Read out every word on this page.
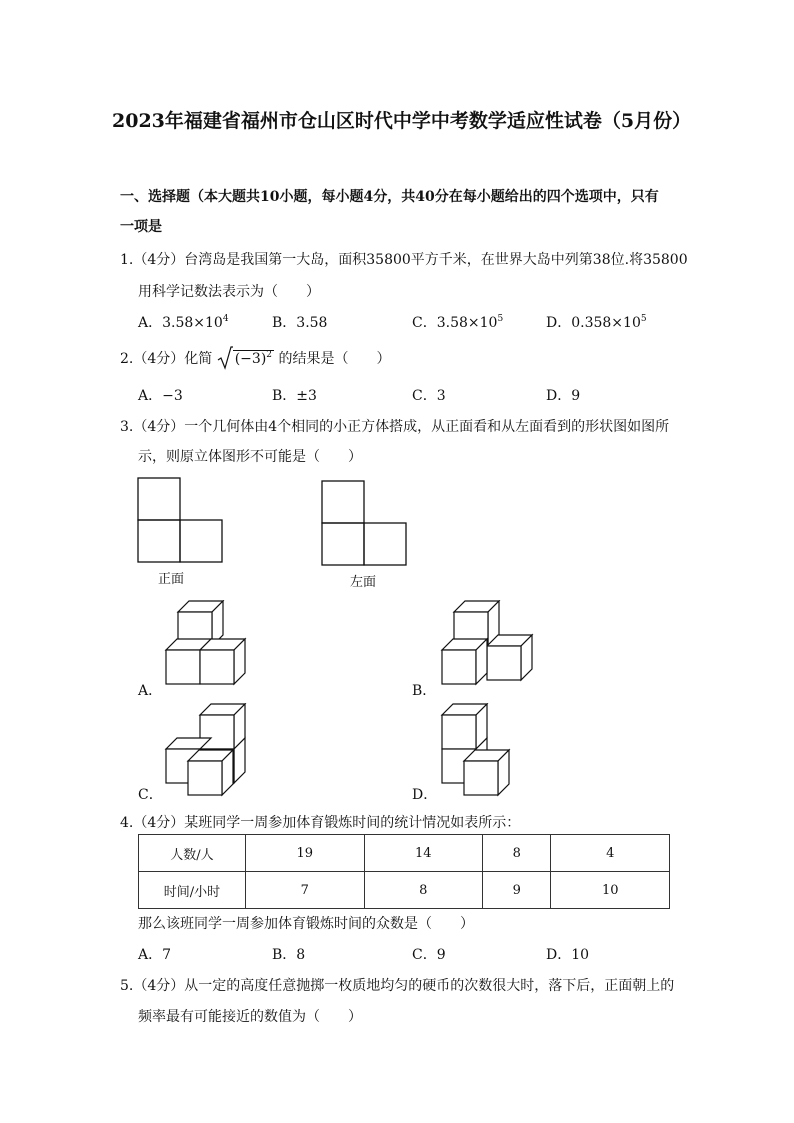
2023年福建省福州市仓山区时代中学中考数学适应性试卷（5月份）
一、选择题（本大题共10小题，每小题4分，共40分在每小题给出的四个选项中，只有
一项是
1.（4分）台湾岛是我国第一大岛，面积35800平方千米，在世界大岛中列第38位.将35800
用科学记数法表示为（　　）
A．$3.58\times 10^4$	B．3.58	C．$3.58\times 10^5$	D．$0.358\times 10^5$
2.（4分）化简 $(-3)^2$ 的结果是（　　）
A．−3	B．±3	C．3	D．9
3.（4分）一个几何体由4个相同的小正方体搭成，从正面看和从左面看到的形状图如图所
示，则原立体图形不可能是（　　）
正面	左面
A．	B．
C．	D．
4.（4分）某班同学一周参加体育锻炼时间的统计情况如表所示：
人数/人	19	14	8	4
时间/小时	7	8	9	10
那么该班同学一周参加体育锻炼时间的众数是（　　）
A．7	B．8	C．9	D．10
5.（4分）从一定的高度任意抛掷一枚质地均匀的硬币的次数很大时，落下后，正面朝上的
频率最有可能接近的数值为（　　）
